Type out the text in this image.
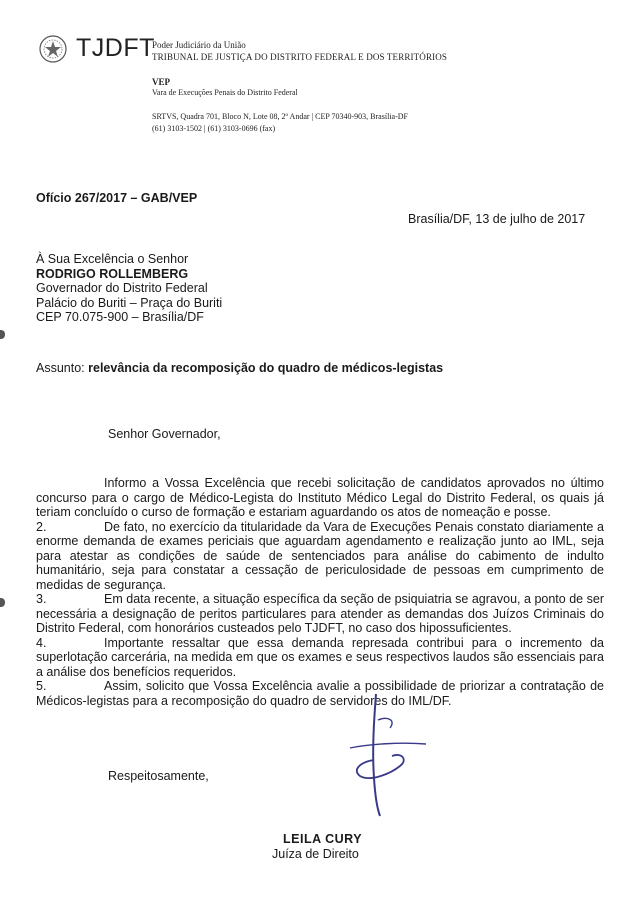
TJDFT
Poder Judiciário da União
TRIBUNAL DE JUSTIÇA DO DISTRITO FEDERAL E DOS TERRITÓRIOS
VEP
Vara de Execuções Penais do Distrito Federal
SRTVS, Quadra 701, Bloco N, Lote 08, 2º Andar | CEP 70340-903, Brasília-DF
(61) 3103-1502 | (61) 3103-0696 (fax)
Ofício 267/2017 – GAB/VEP
Brasília/DF, 13 de julho de 2017
À Sua Excelência o Senhor
RODRIGO ROLLEMBERG
Governador do Distrito Federal
Palácio do Buriti – Praça do Buriti
CEP 70.075-900 – Brasília/DF
Assunto: relevância da recomposição do quadro de médicos-legistas
Senhor Governador,

Informo a Vossa Excelência que recebi solicitação de candidatos aprovados no último concurso para o cargo de Médico-Legista do Instituto Médico Legal do Distrito Federal, os quais já teriam concluído o curso de formação e estariam aguardando os atos de nomeação e posse.

2.	De fato, no exercício da titularidade da Vara de Execuções Penais constato diariamente a enorme demanda de exames periciais que aguardam agendamento e realização junto ao IML, seja para atestar as condições de saúde de sentenciados para análise do cabimento de indulto humanitário, seja para constatar a cessação de periculosidade de pessoas em cumprimento de medidas de segurança.

3.	Em data recente, a situação específica da seção de psiquiatria se agravou, a ponto de ser necessária a designação de peritos particulares para atender as demandas dos Juízos Criminais do Distrito Federal, com honorários custeados pelo TJDFT, no caso dos hipossuficientes.

4.	Importante ressaltar que essa demanda represada contribui para o incremento da superlotação carcerária, na medida em que os exames e seus respectivos laudos são essenciais para a análise dos benefícios requeridos.

5.	Assim, solicito que Vossa Excelência avalie a possibilidade de priorizar a contratação de Médicos-legistas para a recomposição do quadro de servidores do IML/DF.

Respeitosamente,
LEILA CURY
Juíza de Direito
